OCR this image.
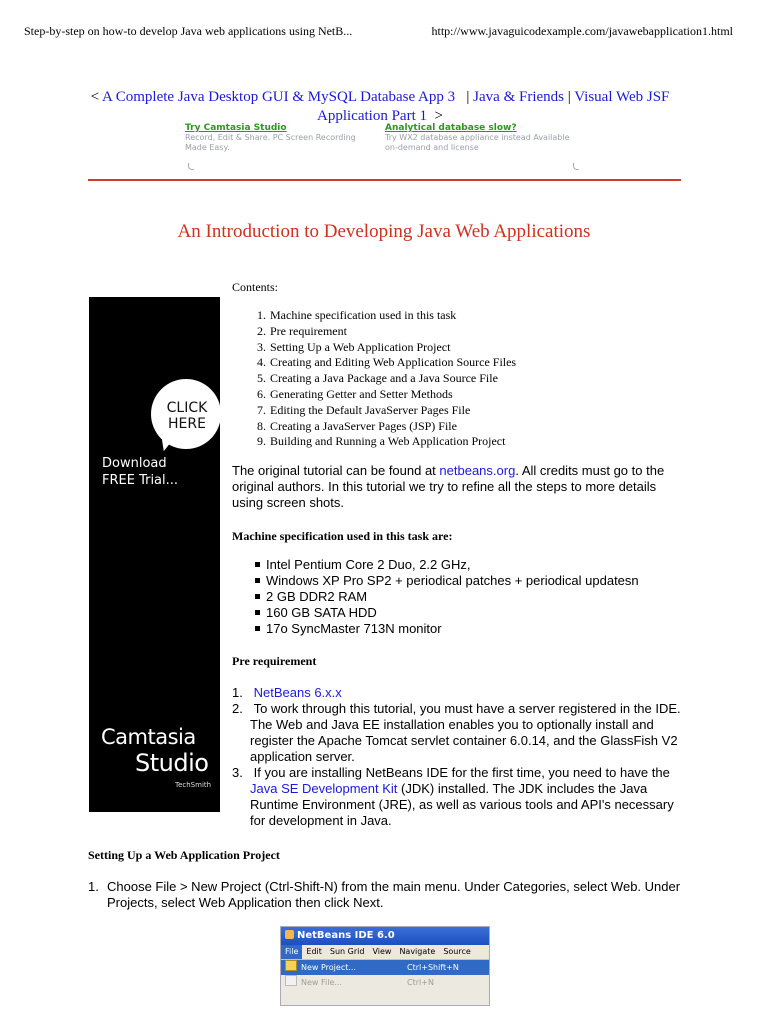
Step-by-step on how-to develop Java web applications using NetB...	http://www.javaguicodexample.com/javawebapplication1.html
< A Complete Java Desktop GUI & MySQL Database App 3 | Java & Friends | Visual Web JSF Application Part 1 >
Try Camtasia Studio
Record, Edit & Share. PC Screen Recording Made Easy.
Analytical database slow?
Try WX2 database appliance instead Available on-demand and license
An Introduction to Developing Java Web Applications
CLICK
HERE
Download
FREE Trial...
Camtasia
Studio
TechSmith
Contents:
1. Machine specification used in this task
2. Pre requirement
3. Setting Up a Web Application Project
4. Creating and Editing Web Application Source Files
5. Creating a Java Package and a Java Source File
6. Generating Getter and Setter Methods
7. Editing the Default JavaServer Pages File
8. Creating a JavaServer Pages (JSP) File
9. Building and Running a Web Application Project
The original tutorial can be found at netbeans.org. All credits must go to the original authors. In this tutorial we try to refine all the steps to more details using screen shots.
Machine specification used in this task are:
Intel Pentium Core 2 Duo, 2.2 GHz,
Windows XP Pro SP2 + periodical patches + periodical updatesn
2 GB DDR2 RAM
160 GB SATA HDD
17o SyncMaster 713N monitor
Pre requirement
1. NetBeans 6.x.x
2. To work through this tutorial, you must have a server registered in the IDE. The Web and Java EE installation enables you to optionally install and register the Apache Tomcat servlet container 6.0.14, and the GlassFish V2 application server.
3. If you are installing NetBeans IDE for the first time, you need to have the Java SE Development Kit (JDK) installed. The JDK includes the Java Runtime Environment (JRE), as well as various tools and API's necessary for development in Java.
Setting Up a Web Application Project
1. Choose File > New Project (Ctrl-Shift-N) from the main menu. Under Categories, select Web. Under Projects, select Web Application then click Next.
NetBeans IDE 6.0
File Edit Sun Grid View Navigate Source
New Project...	Ctrl+Shift+N
New File...	Ctrl+N
